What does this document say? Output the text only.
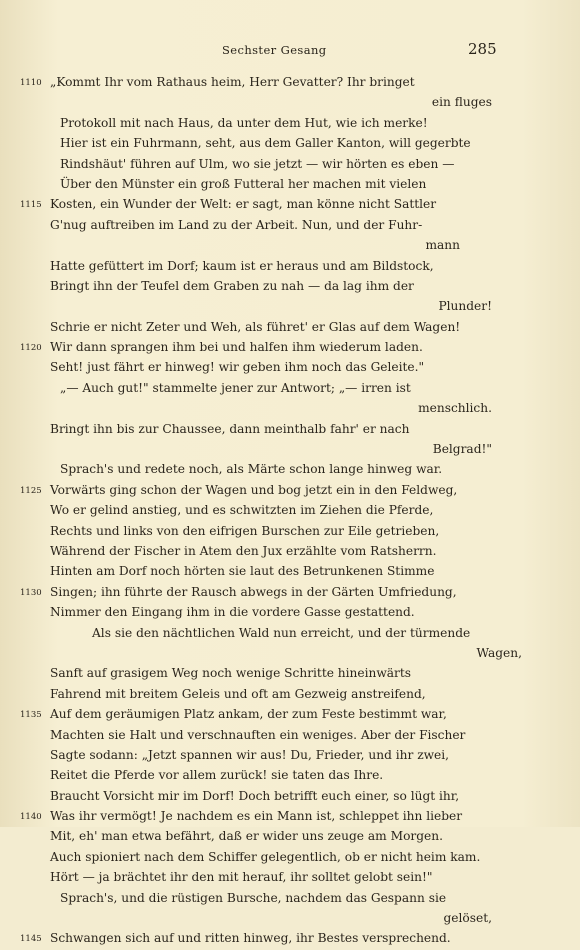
Sechster Gesang	285
1110 „Kommt Ihr vom Rathaus heim, Herr Gevatter? Ihr bringet
ein fluges
Protokoll mit nach Haus, da unter dem Hut, wie ich merke!
Hier ist ein Fuhrmann, seht, aus dem Galler Kanton, will gegerbte
Rindshäut' führen auf Ulm, wo sie jetzt — wir hörten es eben —
Über den Münster ein groß Futteral her machen mit vielen
1115 Kosten, ein Wunder der Welt: er sagt, man könne nicht Sattler
G'nug auftreiben im Land zu der Arbeit. Nun, und der Fuhr-
mann
Hatte gefüttert im Dorf; kaum ist er heraus und am Bildstock,
Bringt ihn der Teufel dem Graben zu nah — da lag ihm der
Plunder!
Schrie er nicht Zeter und Weh, als führet' er Glas auf dem Wagen!
1120 Wir dann sprangen ihm bei und halfen ihm wiederum laden.
Seht! just fährt er hinweg! wir geben ihm noch das Geleite."
„— Auch gut!" stammelte jener zur Antwort; „— irren ist
menschlich.
Bringt ihn bis zur Chaussee, dann meinthalb fahr' er nach
Belgrad!"
Sprach's und redete noch, als Märte schon lange hinweg war.
1125 Vorwärts ging schon der Wagen und bog jetzt ein in den Feldweg,
Wo er gelind anstieg, und es schwitzten im Ziehen die Pferde,
Rechts und links von den eifrigen Burschen zur Eile getrieben,
Während der Fischer in Atem den Jux erzählte vom Ratsherrn.
Hinten am Dorf noch hörten sie laut des Betrunkenen Stimme
1130 Singen; ihn führte der Rausch abwegs in der Gärten Umfriedung,
Nimmer den Eingang ihm in die vordere Gasse gestattend.
Als sie den nächtlichen Wald nun erreicht, und der türmende
Wagen,
Sanft auf grasigem Weg noch wenige Schritte hineinwärts
Fahrend mit breitem Geleis und oft am Gezweig anstreifend,
1135 Auf dem geräumigen Platz ankam, der zum Feste bestimmt war,
Machten sie Halt und verschnauften ein weniges. Aber der Fischer
Sagte sodann: „Jetzt spannen wir aus! Du, Frieder, und ihr zwei,
Reitet die Pferde vor allem zurück! sie taten das Ihre.
Braucht Vorsicht mir im Dorf! Doch betrifft euch einer, so lügt ihr,
1140 Was ihr vermögt! Je nachdem es ein Mann ist, schleppet ihn lieber
Mit, eh' man etwa befährt, daß er wider uns zeuge am Morgen.
Auch spioniert nach dem Schiffer gelegentlich, ob er nicht heim kam.
Hört — ja brächtet ihr den mit herauf, ihr solltet gelobt sein!"
Sprach's, und die rüstigen Bursche, nachdem das Gespann sie
gelöset,
1145 Schwangen sich auf und ritten hinweg, ihr Bestes versprechend.
